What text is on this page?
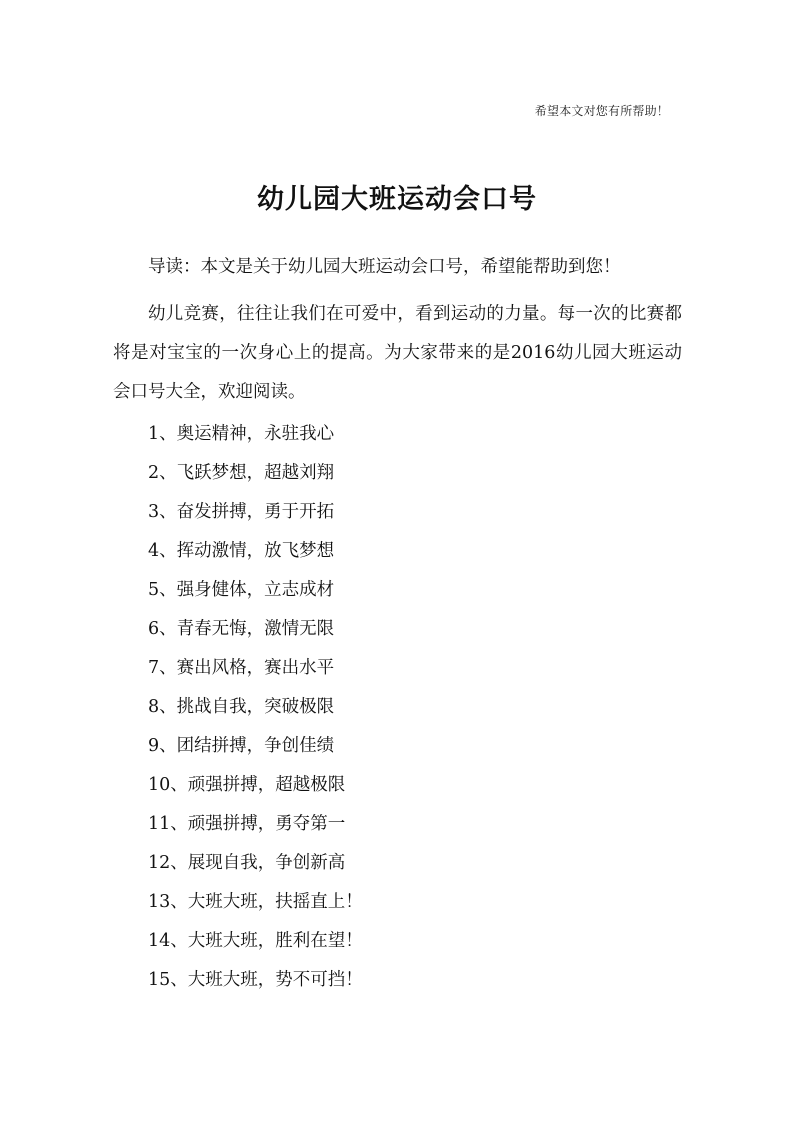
希望本文对您有所帮助！
幼儿园大班运动会口号

导读：本文是关于幼儿园大班运动会口号，希望能帮助到您！

幼儿竞赛，往往让我们在可爱中，看到运动的力量。每一次的比赛都将是对宝宝的一次身心上的提高。为大家带来的是2016幼儿园大班运动会口号大全，欢迎阅读。

1、奥运精神，永驻我心
2、飞跃梦想，超越刘翔
3、奋发拼搏，勇于开拓
4、挥动激情，放飞梦想
5、强身健体，立志成材
6、青春无悔，激情无限
7、赛出风格，赛出水平
8、挑战自我，突破极限
9、团结拼搏，争创佳绩
10、顽强拼搏，超越极限
11、顽强拼搏，勇夺第一
12、展现自我，争创新高
13、大班大班，扶摇直上！
14、大班大班，胜利在望！
15、大班大班，势不可挡！
